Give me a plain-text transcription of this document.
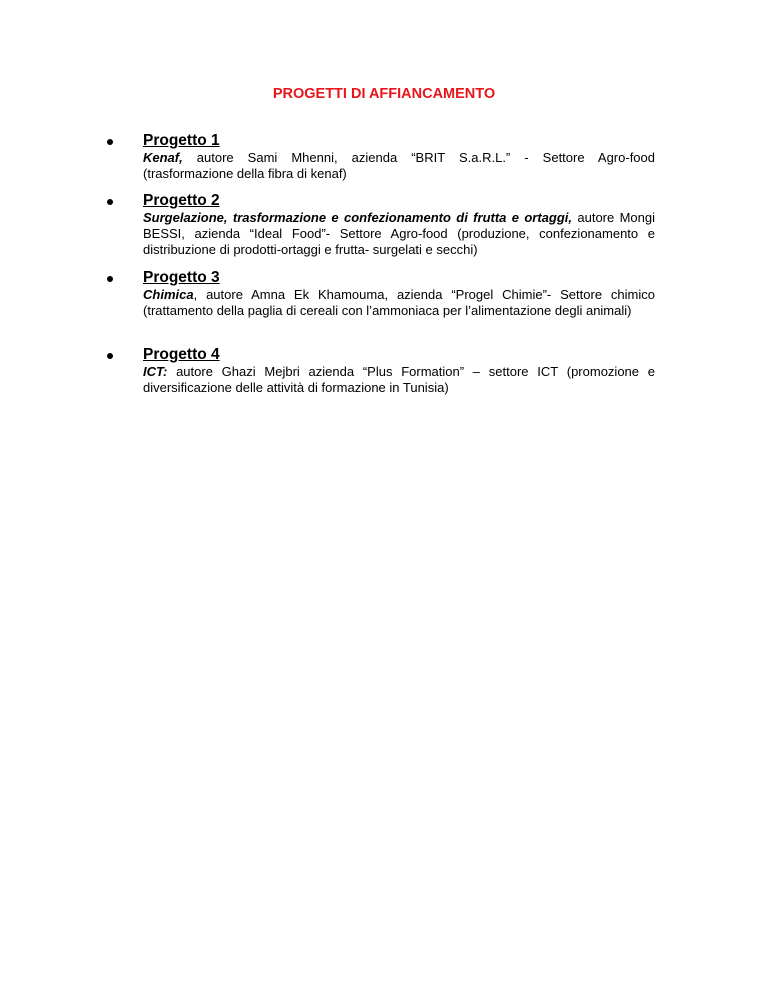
PROGETTI DI AFFIANCAMENTO
Progetto 1
Kenaf, autore Sami Mhenni, azienda “BRIT S.a.R.L.” - Settore Agro-food (trasformazione della fibra di kenaf)
Progetto 2
Surgelazione, trasformazione e confezionamento di frutta e ortaggi, autore Mongi BESSI, azienda “Ideal Food”- Settore Agro-food (produzione, confezionamento e distribuzione di prodotti-ortaggi e frutta- surgelati e secchi)
Progetto 3
Chimica, autore Amna Ek Khamouma, azienda “Progel Chimie”- Settore chimico (trattamento della paglia di cereali con l’ammoniaca per l’alimentazione degli animali)
Progetto 4
ICT: autore Ghazi Mejbri azienda “Plus Formation” – settore ICT (promozione e diversificazione delle attività di formazione in Tunisia)
